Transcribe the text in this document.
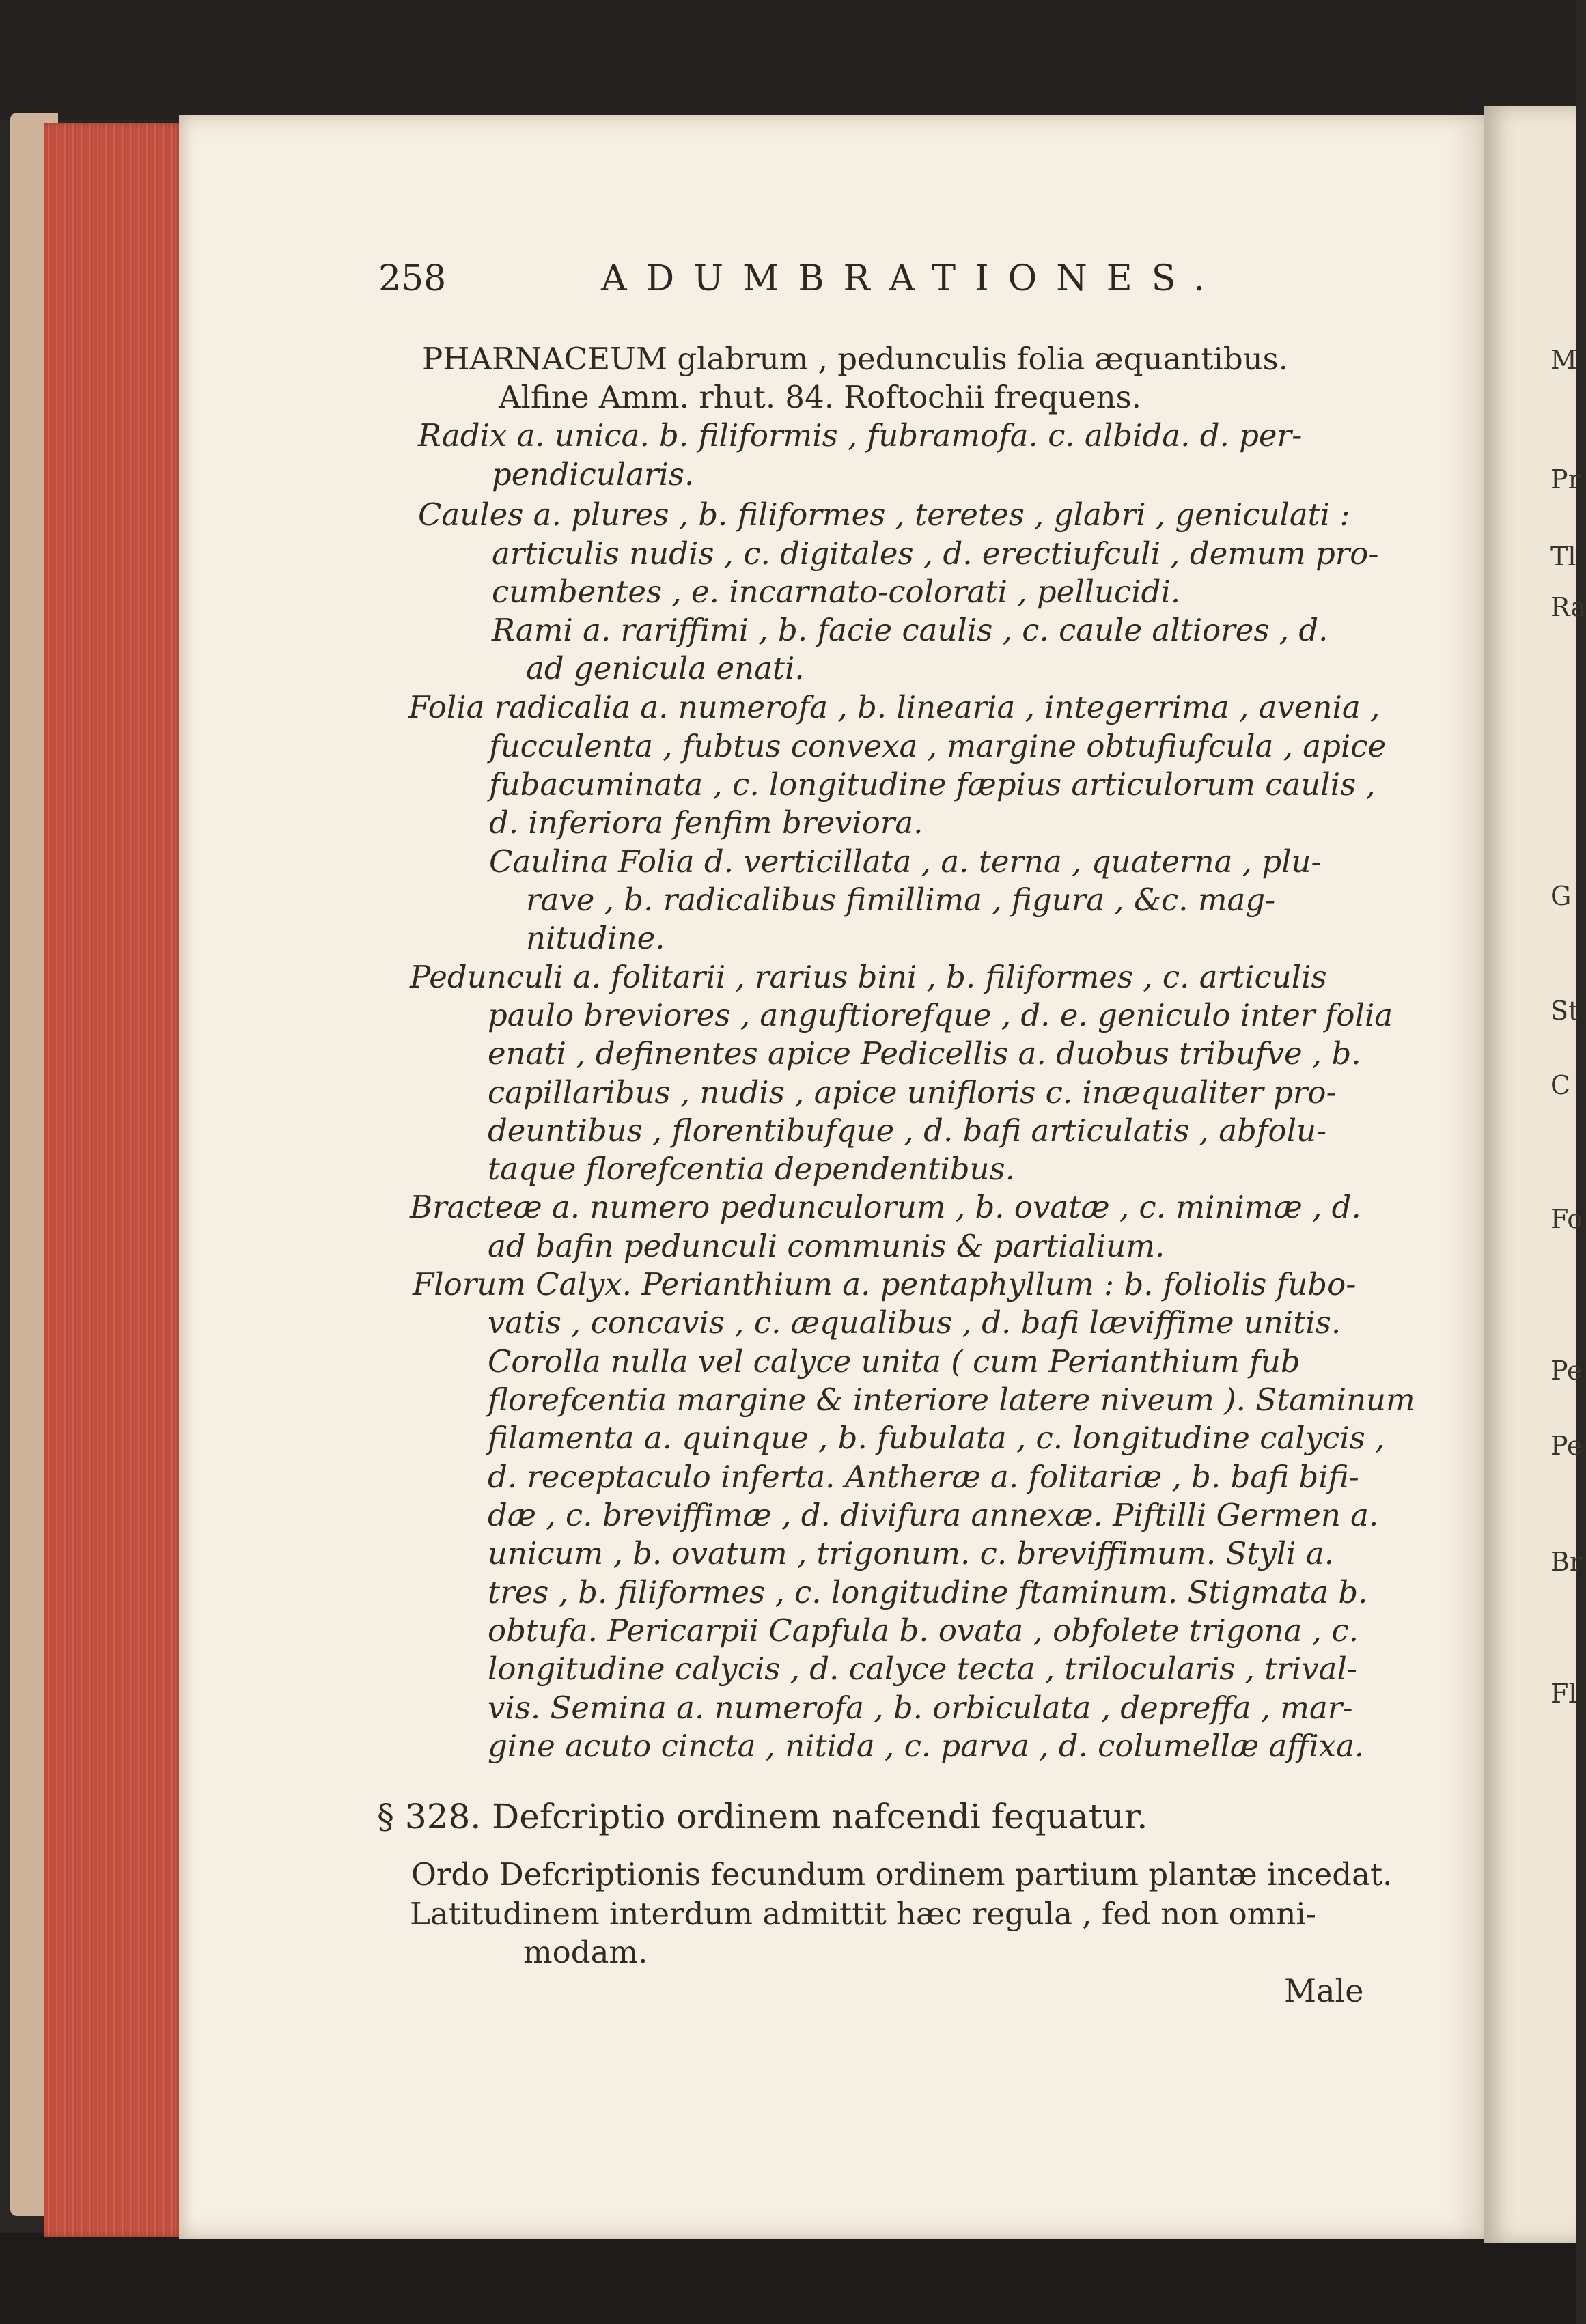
M
Pr
Tl
Ra
G
St
C
Fo
Pe
Pe
Br
Fl
258	ADUMBRATIONES.
PHARNACEUM glabrum , pedunculis folia æquantibus.
Alfine Amm. rhut. 84. Roftochii frequens.
Radix a. unica. b. filiformis , fubramofa. c. albida. d. per-
pendicularis.
Caules a. plures , b. filiformes , teretes , glabri , geniculati :
articulis nudis , c. digitales , d. erectiufculi , demum pro-
cumbentes , e. incarnato-colorati , pellucidi.
Rami a. rariffimi , b. facie caulis , c. caule altiores , d.
ad genicula enati.
Folia radicalia a. numerofa , b. linearia , integerrima , avenia ,
fucculenta , fubtus convexa , margine obtufiufcula , apice
fubacuminata , c. longitudine fæpius articulorum caulis ,
d. inferiora fenfim breviora.
Caulina Folia d. verticillata , a. terna , quaterna , plu-
rave , b. radicalibus fimillima , figura , &c. mag-
nitudine.
Pedunculi a. folitarii , rarius bini , b. filiformes , c. articulis
paulo breviores , anguftiorefque , d. e. geniculo inter folia
enati , definentes apice Pedicellis a. duobus tribufve , b.
capillaribus , nudis , apice unifloris c. inæqualiter pro-
deuntibus , florentibufque , d. bafi articulatis , abfolu-
taque florefcentia dependentibus.
Bracteæ a. numero pedunculorum , b. ovatæ , c. minimæ , d.
ad bafin pedunculi communis & partialium.
Florum Calyx. Perianthium a. pentaphyllum : b. foliolis fubo-
vatis , concavis , c. æqualibus , d. bafi læviffime unitis.
Corolla nulla vel calyce unita ( cum Perianthium fub
florefcentia margine & interiore latere niveum ). Staminum
filamenta a. quinque , b. fubulata , c. longitudine calycis ,
d. receptaculo inferta. Antheræ a. folitariæ , b. bafi bifi-
dæ , c. breviffimæ , d. divifura annexæ. Piftilli Germen a.
unicum , b. ovatum , trigonum. c. breviffimum. Styli a.
tres , b. filiformes , c. longitudine ftaminum. Stigmata b.
obtufa. Pericarpii Capfula b. ovata , obfolete trigona , c.
longitudine calycis , d. calyce tecta , trilocularis , trival-
vis. Semina a. numerofa , b. orbiculata , depreffa , mar-
gine acuto cincta , nitida , c. parva , d. columellæ affixa.
§ 328. Defcriptio ordinem nafcendi fequatur.
Ordo Defcriptionis fecundum ordinem partium plantæ incedat.
Latitudinem interdum admittit hæc regula , fed non omni-
modam.
Male
